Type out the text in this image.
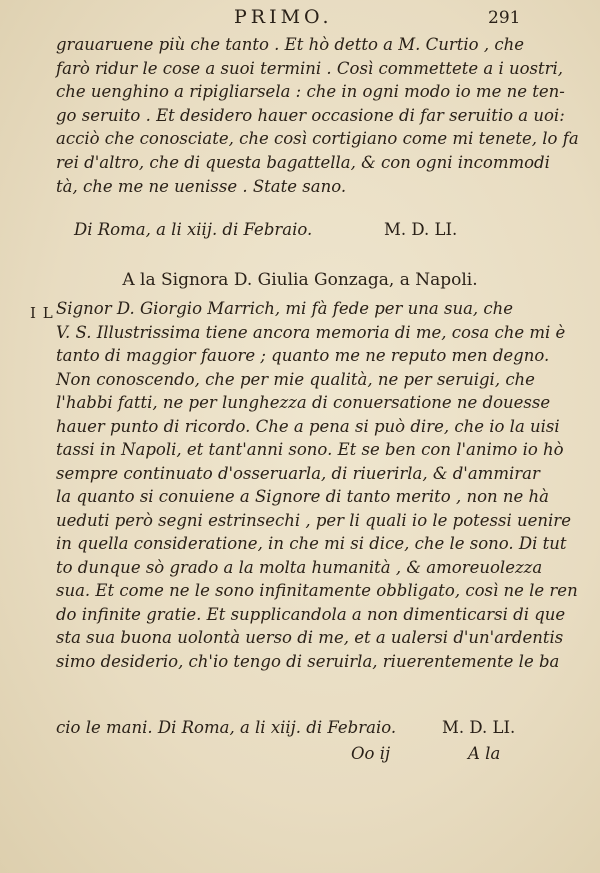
PRIMO.	291
grauaruene più che tanto . Et hò detto a M. Curtio , che
farò ridur le cose a suoi termini . Così commettete a i uostri,
che uenghino a ripigliarsela : che in ogni modo io me ne ten-
go seruito . Et desidero hauer occasione di far seruitio a uoi:
acciò che conosciate, che così cortigiano come mi tenete, lo fa
rei d'altro, che di questa bagattella, & con ogni incommodi
tà, che me ne uenisse . State sano.
Di Roma, a li xiij. di Febraio.	M. D. LI.
A la Signora D. Giulia Gonzaga, a Napoli.
I L Signor D. Giorgio Marrich, mi fà fede per una sua, che
V. S. Illustrissima tiene ancora memoria di me, cosa che mi è
tanto di maggior fauore ; quanto me ne reputo men degno.
Non conoscendo, che per mie qualità, ne per seruigi, che
l'habbi fatti, ne per lunghezza di conuersatione ne douesse
hauer punto di ricordo. Che a pena si può dire, che io la uisi
tassi in Napoli, et tant'anni sono. Et se ben con l'animo io hò
sempre continuato d'osseruarla, di riuerirla, & d'ammirar
la quanto si conuiene a Signore di tanto merito , non ne hà
ueduti però segni estrinsechi , per li quali io le potessi uenire
in quella consideratione, in che mi si dice, che le sono. Di tut
to dunque sò grado a la molta humanità , & amoreuolezza
sua. Et come ne le sono infinitamente obbligato, così ne le ren
do infinite gratie. Et supplicandola a non dimenticarsi di que
sta sua buona uolontà uerso di me, et a ualersi d'un'ardentis
simo desiderio, ch'io tengo di seruirla, riuerentemente le ba
cio le mani. Di Roma, a li xiij. di Febraio.	M. D. LI.
Oo ij	A la
